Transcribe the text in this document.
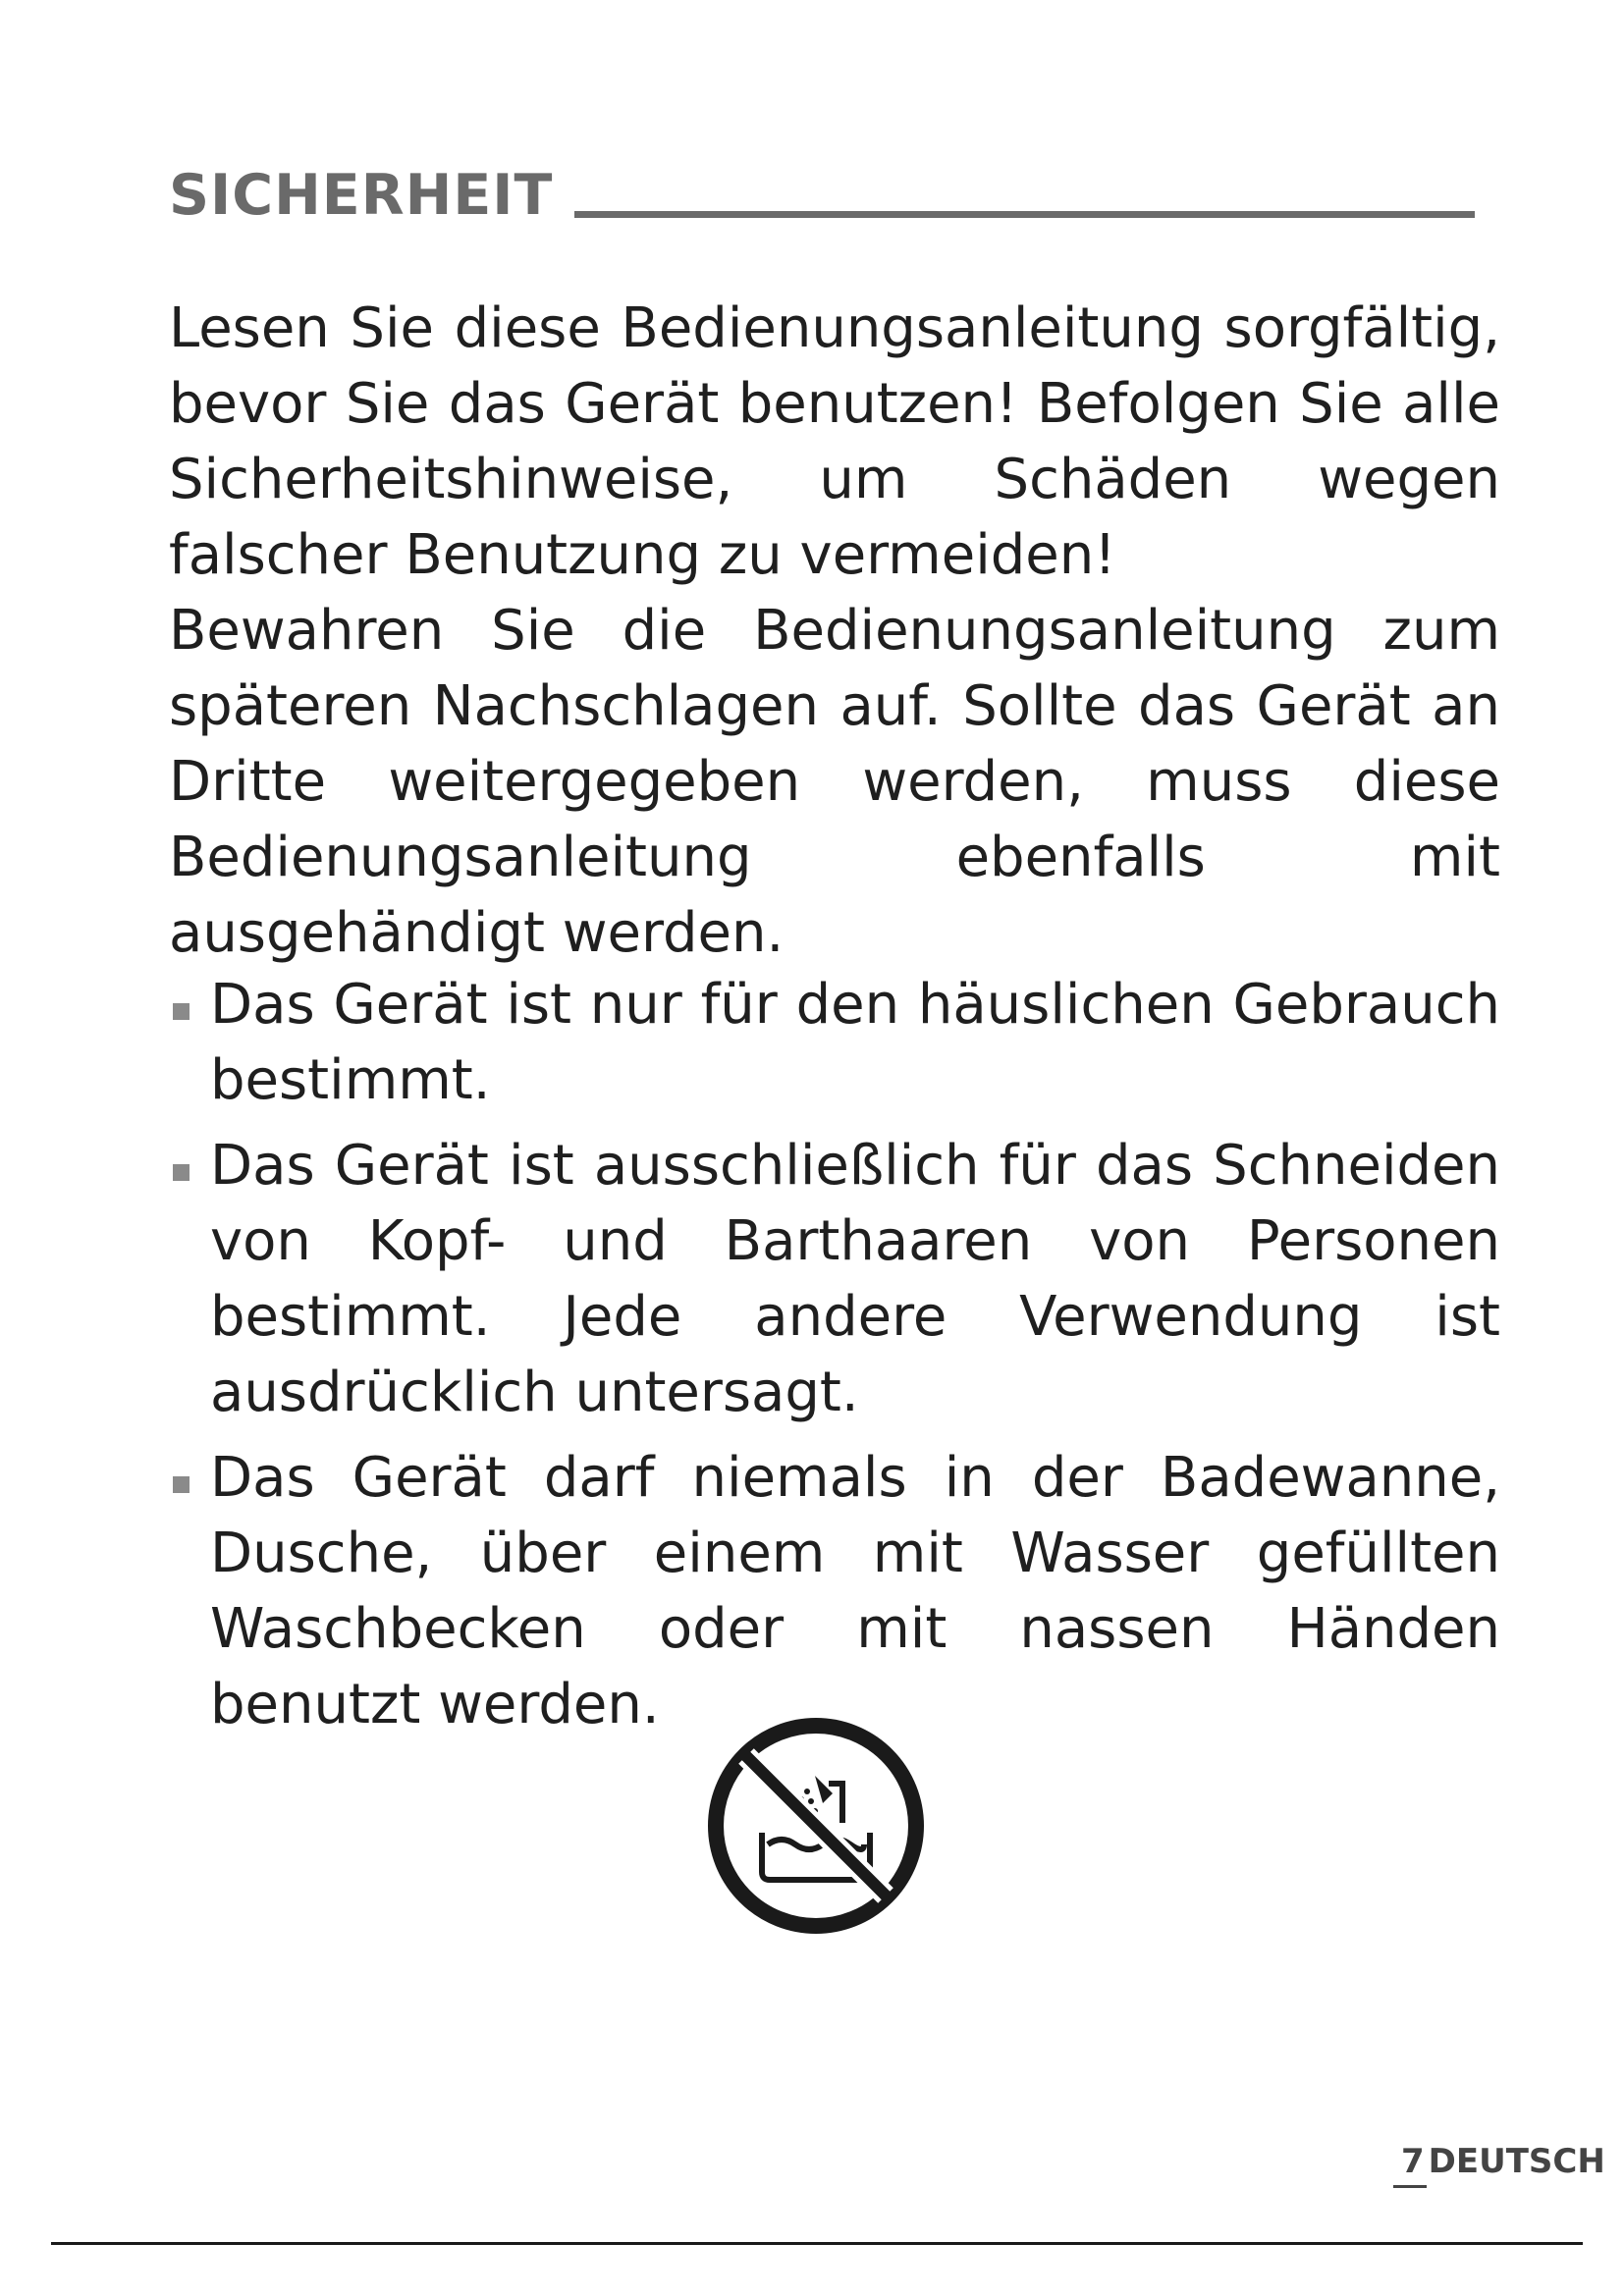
SICHERHEIT
Lesen Sie diese Bedienungsanleitung sorgfältig, bevor Sie das Gerät benutzen! Befolgen Sie alle Sicherheitshinweise, um Schäden wegen falscher Benutzung zu vermeiden!
Bewahren Sie die Bedienungsanleitung zum späteren Nachschlagen auf. Sollte das Gerät an Dritte weitergegeben werden, muss diese Bedienungsanleitung ebenfalls mit ausgehändigt werden.
Das Gerät ist nur für den häuslichen Gebrauch bestimmt.
Das Gerät ist ausschließlich für das Schneiden von Kopf- und Barthaaren von Personen bestimmt. Jede andere Verwendung ist ausdrücklich untersagt.
Das Gerät darf niemals in der Badewanne, Dusche, über einem mit Wasser gefüllten Waschbecken oder mit nassen Händen benutzt werden.
7 DEUTSCH
